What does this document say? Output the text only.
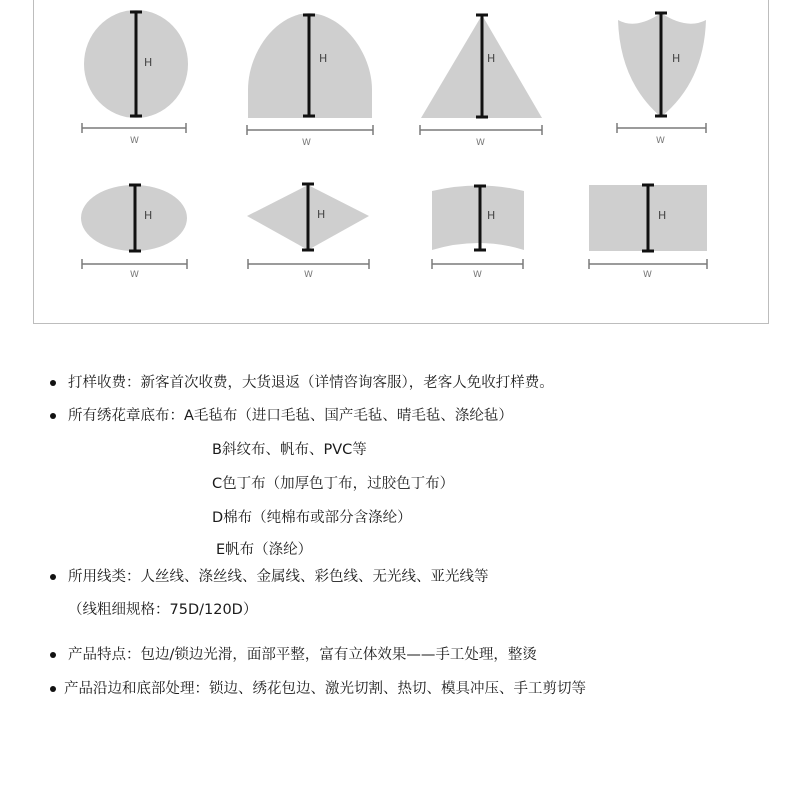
H	H	H	H
H	H	H	H
W	W	W	W
W	W	W	W
打样收费：新客首次收费，大货退返（详情咨询客服），老客人免收打样费。
所有绣花章底布：A毛毡布（进口毛毡、国产毛毡、晴毛毡、涤纶毡）
B斜纹布、帆布、PVC等
C色丁布（加厚色丁布，过胶色丁布）
D棉布（纯棉布或部分含涤纶）
E帆布（涤纶）
所用线类：人丝线、涤丝线、金属线、彩色线、无光线、亚光线等
（线粗细规格：75D/120D）
产品特点：包边/锁边光滑，面部平整，富有立体效果——手工处理，整烫
产品沿边和底部处理：锁边、绣花包边、激光切割、热切、模具冲压、手工剪切等
